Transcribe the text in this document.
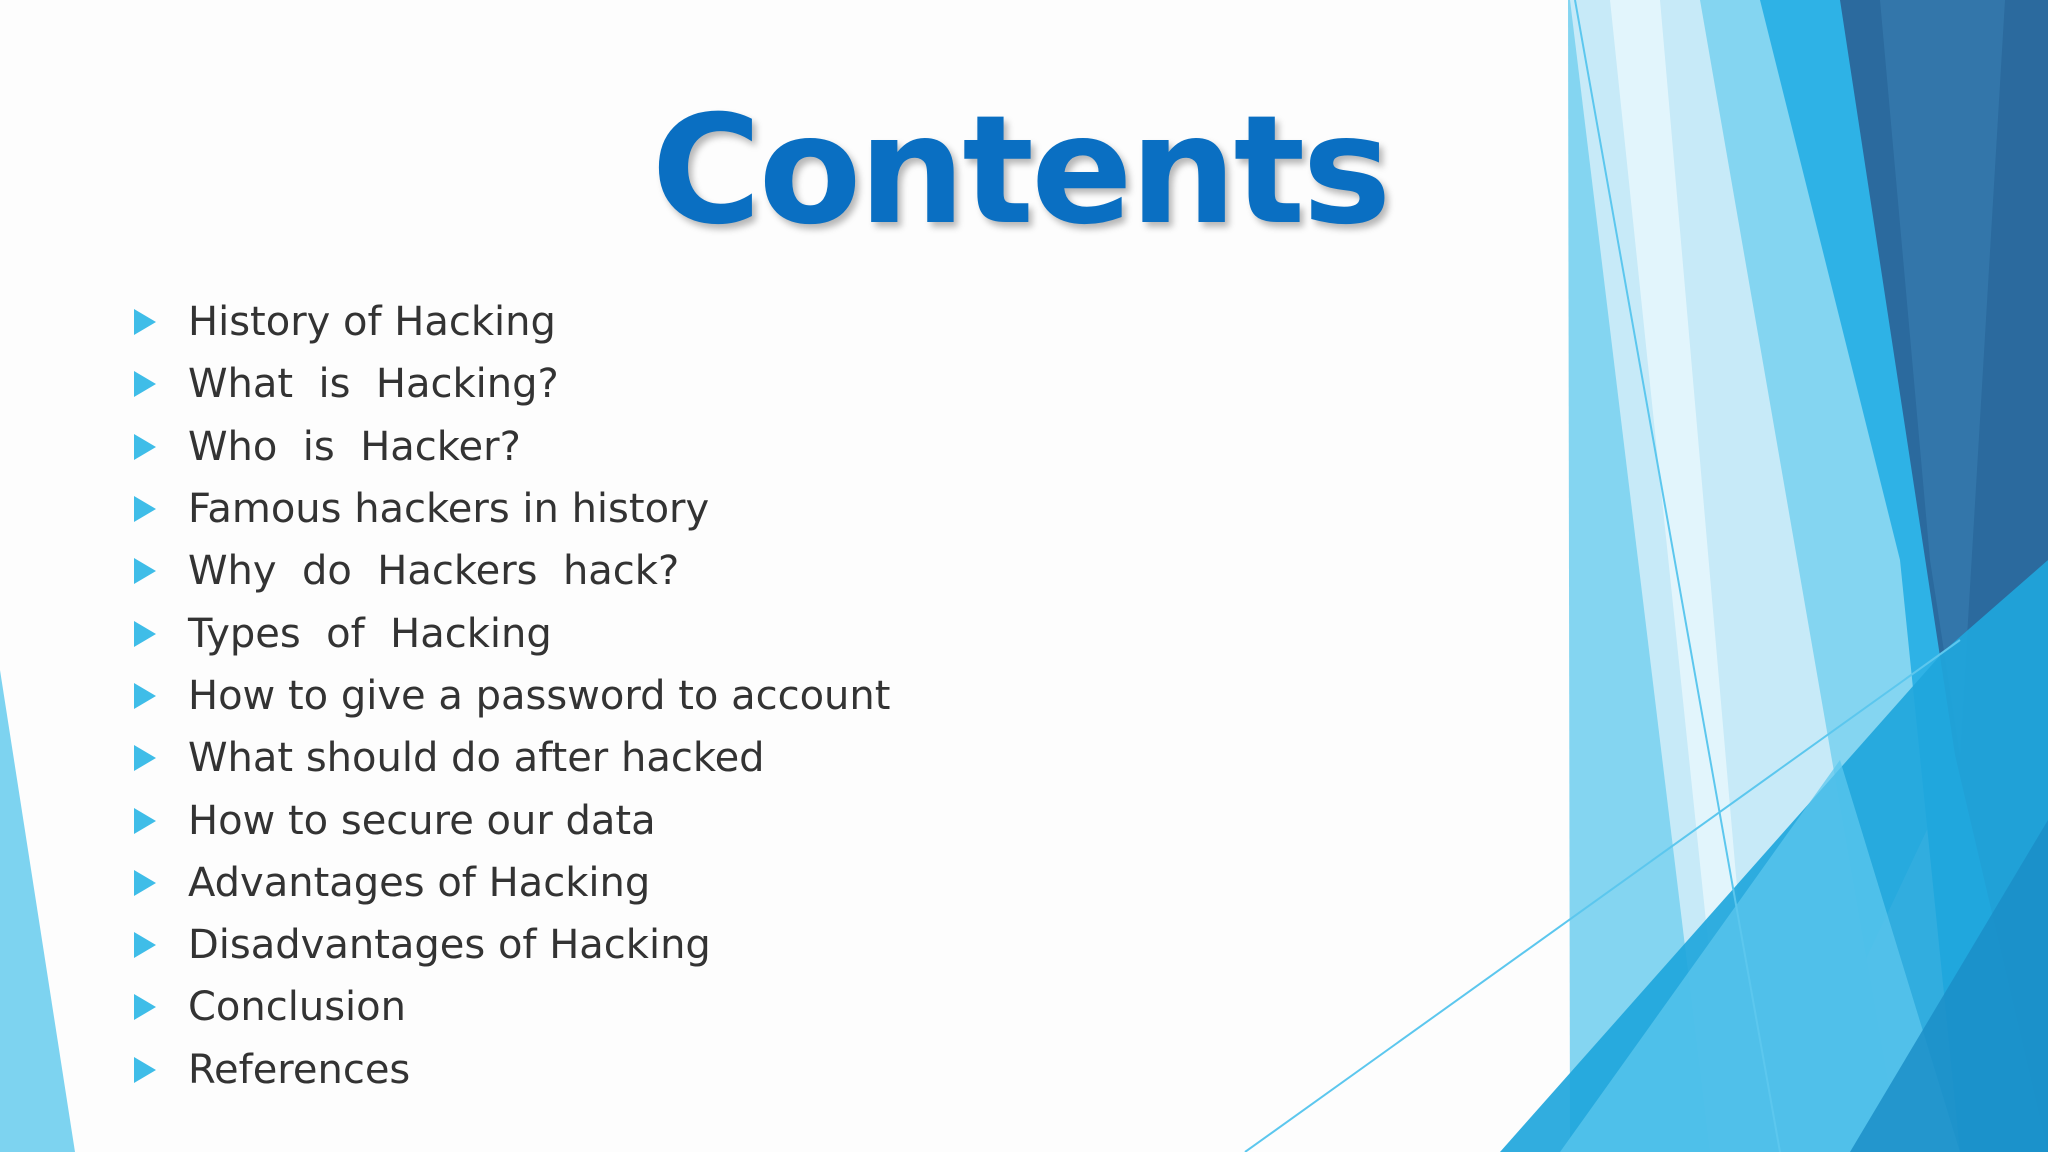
Contents
History of Hacking
What  is  Hacking?
Who  is  Hacker?
Famous hackers in history
Why  do  Hackers  hack?
Types  of  Hacking
How to give a password to account
What should do after hacked
How to secure our data
Advantages of Hacking
Disadvantages of Hacking
Conclusion
References
